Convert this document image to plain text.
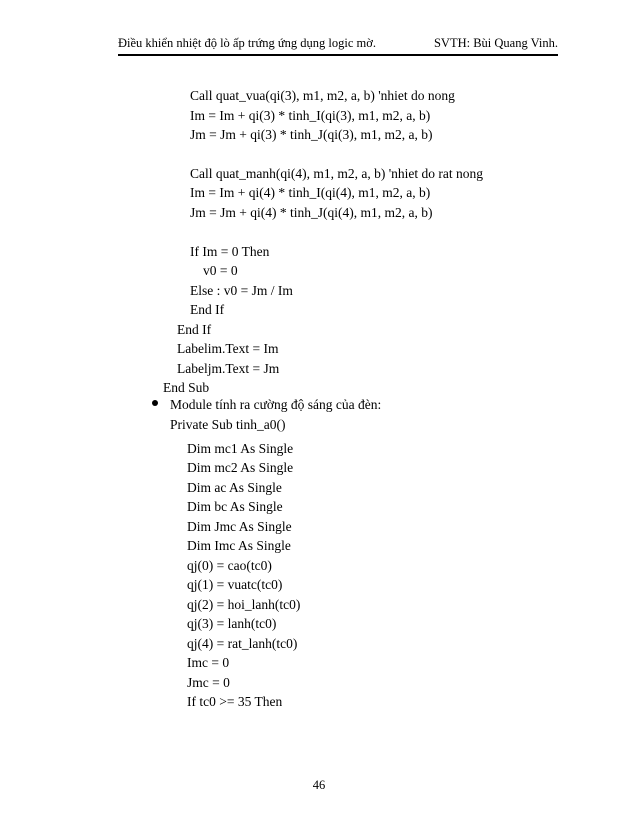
Điều khiển nhiệt độ lò ấp trứng ứng dụng logic mờ.	SVTH: Bùi Quang Vinh.
Call quat_vua(qi(3), m1, m2, a, b) 'nhiet do nong
Im = Im + qi(3) * tinh_I(qi(3), m1, m2, a, b)
Jm = Jm + qi(3) * tinh_J(qi(3), m1, m2, a, b)
Call quat_manh(qi(4), m1, m2, a, b) 'nhiet do rat nong
Im = Im + qi(4) * tinh_I(qi(4), m1, m2, a, b)
Jm = Jm + qi(4) * tinh_J(qi(4), m1, m2, a, b)
If Im = 0 Then
v0 = 0
Else : v0 = Jm / Im
End If
End If
Labelim.Text = Im
Labeljm.Text = Jm
End Sub
Module tính ra cường độ sáng của đèn:
Private Sub tinh_a0()
Dim mc1 As Single
Dim mc2 As Single
Dim ac As Single
Dim bc As Single
Dim Jmc As Single
Dim Imc As Single
qj(0) = cao(tc0)
qj(1) = vuatc(tc0)
qj(2) = hoi_lanh(tc0)
qj(3) = lanh(tc0)
qj(4) = rat_lanh(tc0)
Imc = 0
Jmc = 0
If tc0 >= 35 Then
46
